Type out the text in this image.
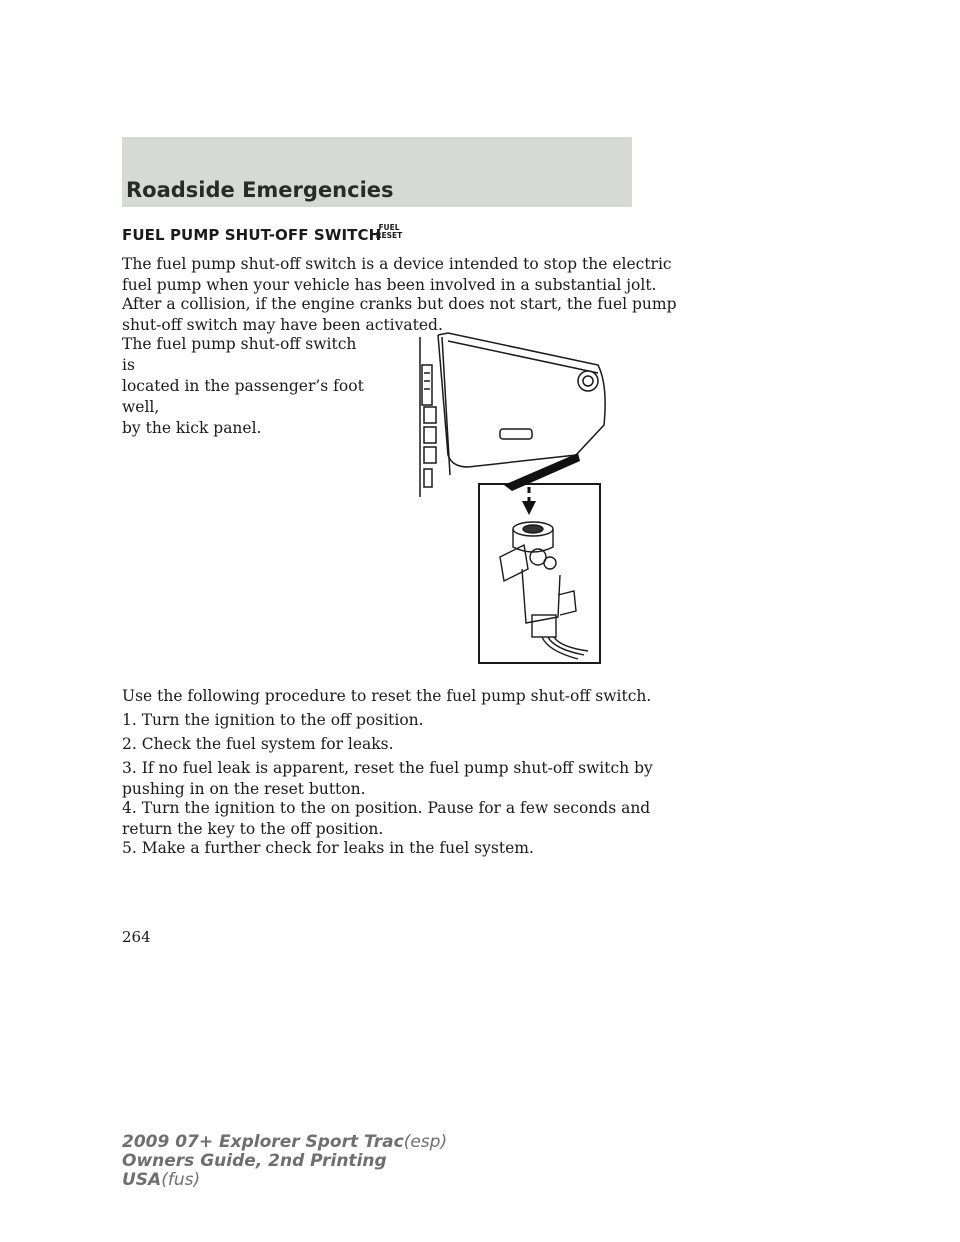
Roadside Emergencies
FUEL PUMP SHUT-OFF SWITCH
FUEL
RESET

The fuel pump shut-off switch is a device intended to stop the electric
fuel pump when your vehicle has been involved in a substantial jolt.

After a collision, if the engine cranks but does not start, the fuel pump
shut-off switch may have been activated.

The fuel pump shut-off switch is
located in the passenger’s foot well,
by the kick panel.

Use the following procedure to reset the fuel pump shut-off switch.

1. Turn the ignition to the off position.

2. Check the fuel system for leaks.

3. If no fuel leak is apparent, reset the fuel pump shut-off switch by
pushing in on the reset button.

4. Turn the ignition to the on position. Pause for a few seconds and
return the key to the off position.

5. Make a further check for leaks in the fuel system.

264
2009 07+ Explorer Sport Trac(esp)
Owners Guide, 2nd Printing
USA(fus)
